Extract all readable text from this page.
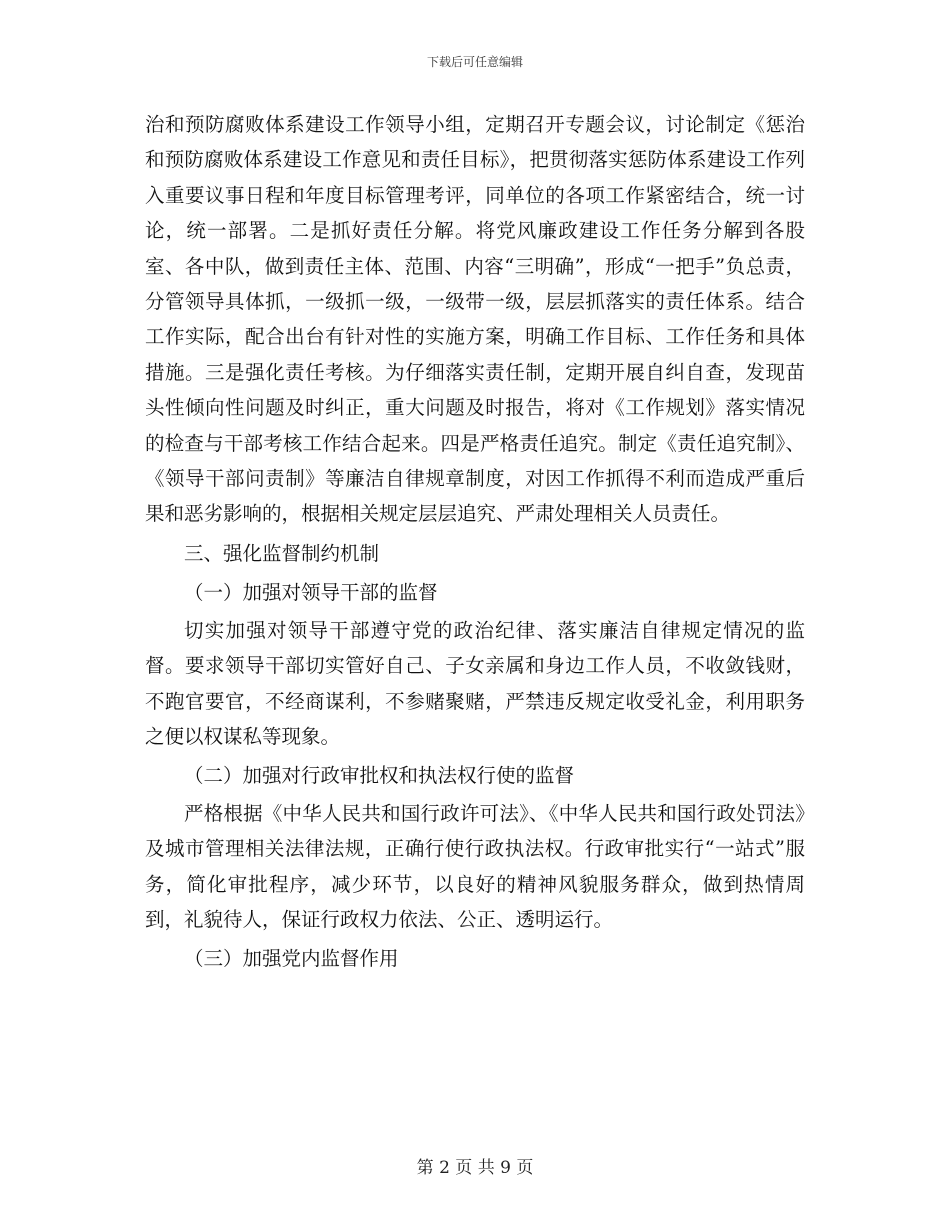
下载后可任意编辑

治和预防腐败体系建设工作领导小组，定期召开专题会议，讨论制定《惩治和预防腐败体系建设工作意见和责任目标》，把贯彻落实惩防体系建设工作列入重要议事日程和年度目标管理考评，同单位的各项工作紧密结合，统一讨论，统一部署。二是抓好责任分解。将党风廉政建设工作任务分解到各股室、各中队，做到责任主体、范围、内容“三明确”，形成“一把手”负总责，分管领导具体抓，一级抓一级，一级带一级，层层抓落实的责任体系。结合工作实际，配合出台有针对性的实施方案，明确工作目标、工作任务和具体措施。三是强化责任考核。为仔细落实责任制，定期开展自纠自查，发现苗头性倾向性问题及时纠正，重大问题及时报告，将对《工作规划》落实情况的检查与干部考核工作结合起来。四是严格责任追究。制定《责任追究制》、《领导干部问责制》等廉洁自律规章制度，对因工作抓得不利而造成严重后果和恶劣影响的，根据相关规定层层追究、严肃处理相关人员责任。

三、强化监督制约机制

（一）加强对领导干部的监督

切实加强对领导干部遵守党的政治纪律、落实廉洁自律规定情况的监督。要求领导干部切实管好自己、子女亲属和身边工作人员，不收敛钱财，不跑官要官，不经商谋利，不参赌聚赌，严禁违反规定收受礼金，利用职务之便以权谋私等现象。

（二）加强对行政审批权和执法权行使的监督

严格根据《中华人民共和国行政许可法》、《中华人民共和国行政处罚法》及城市管理相关法律法规，正确行使行政执法权。行政审批实行“一站式”服务，简化审批程序，减少环节，以良好的精神风貌服务群众，做到热情周到，礼貌待人，保证行政权力依法、公正、透明运行。

（三）加强党内监督作用

第 2 页 共 9 页
